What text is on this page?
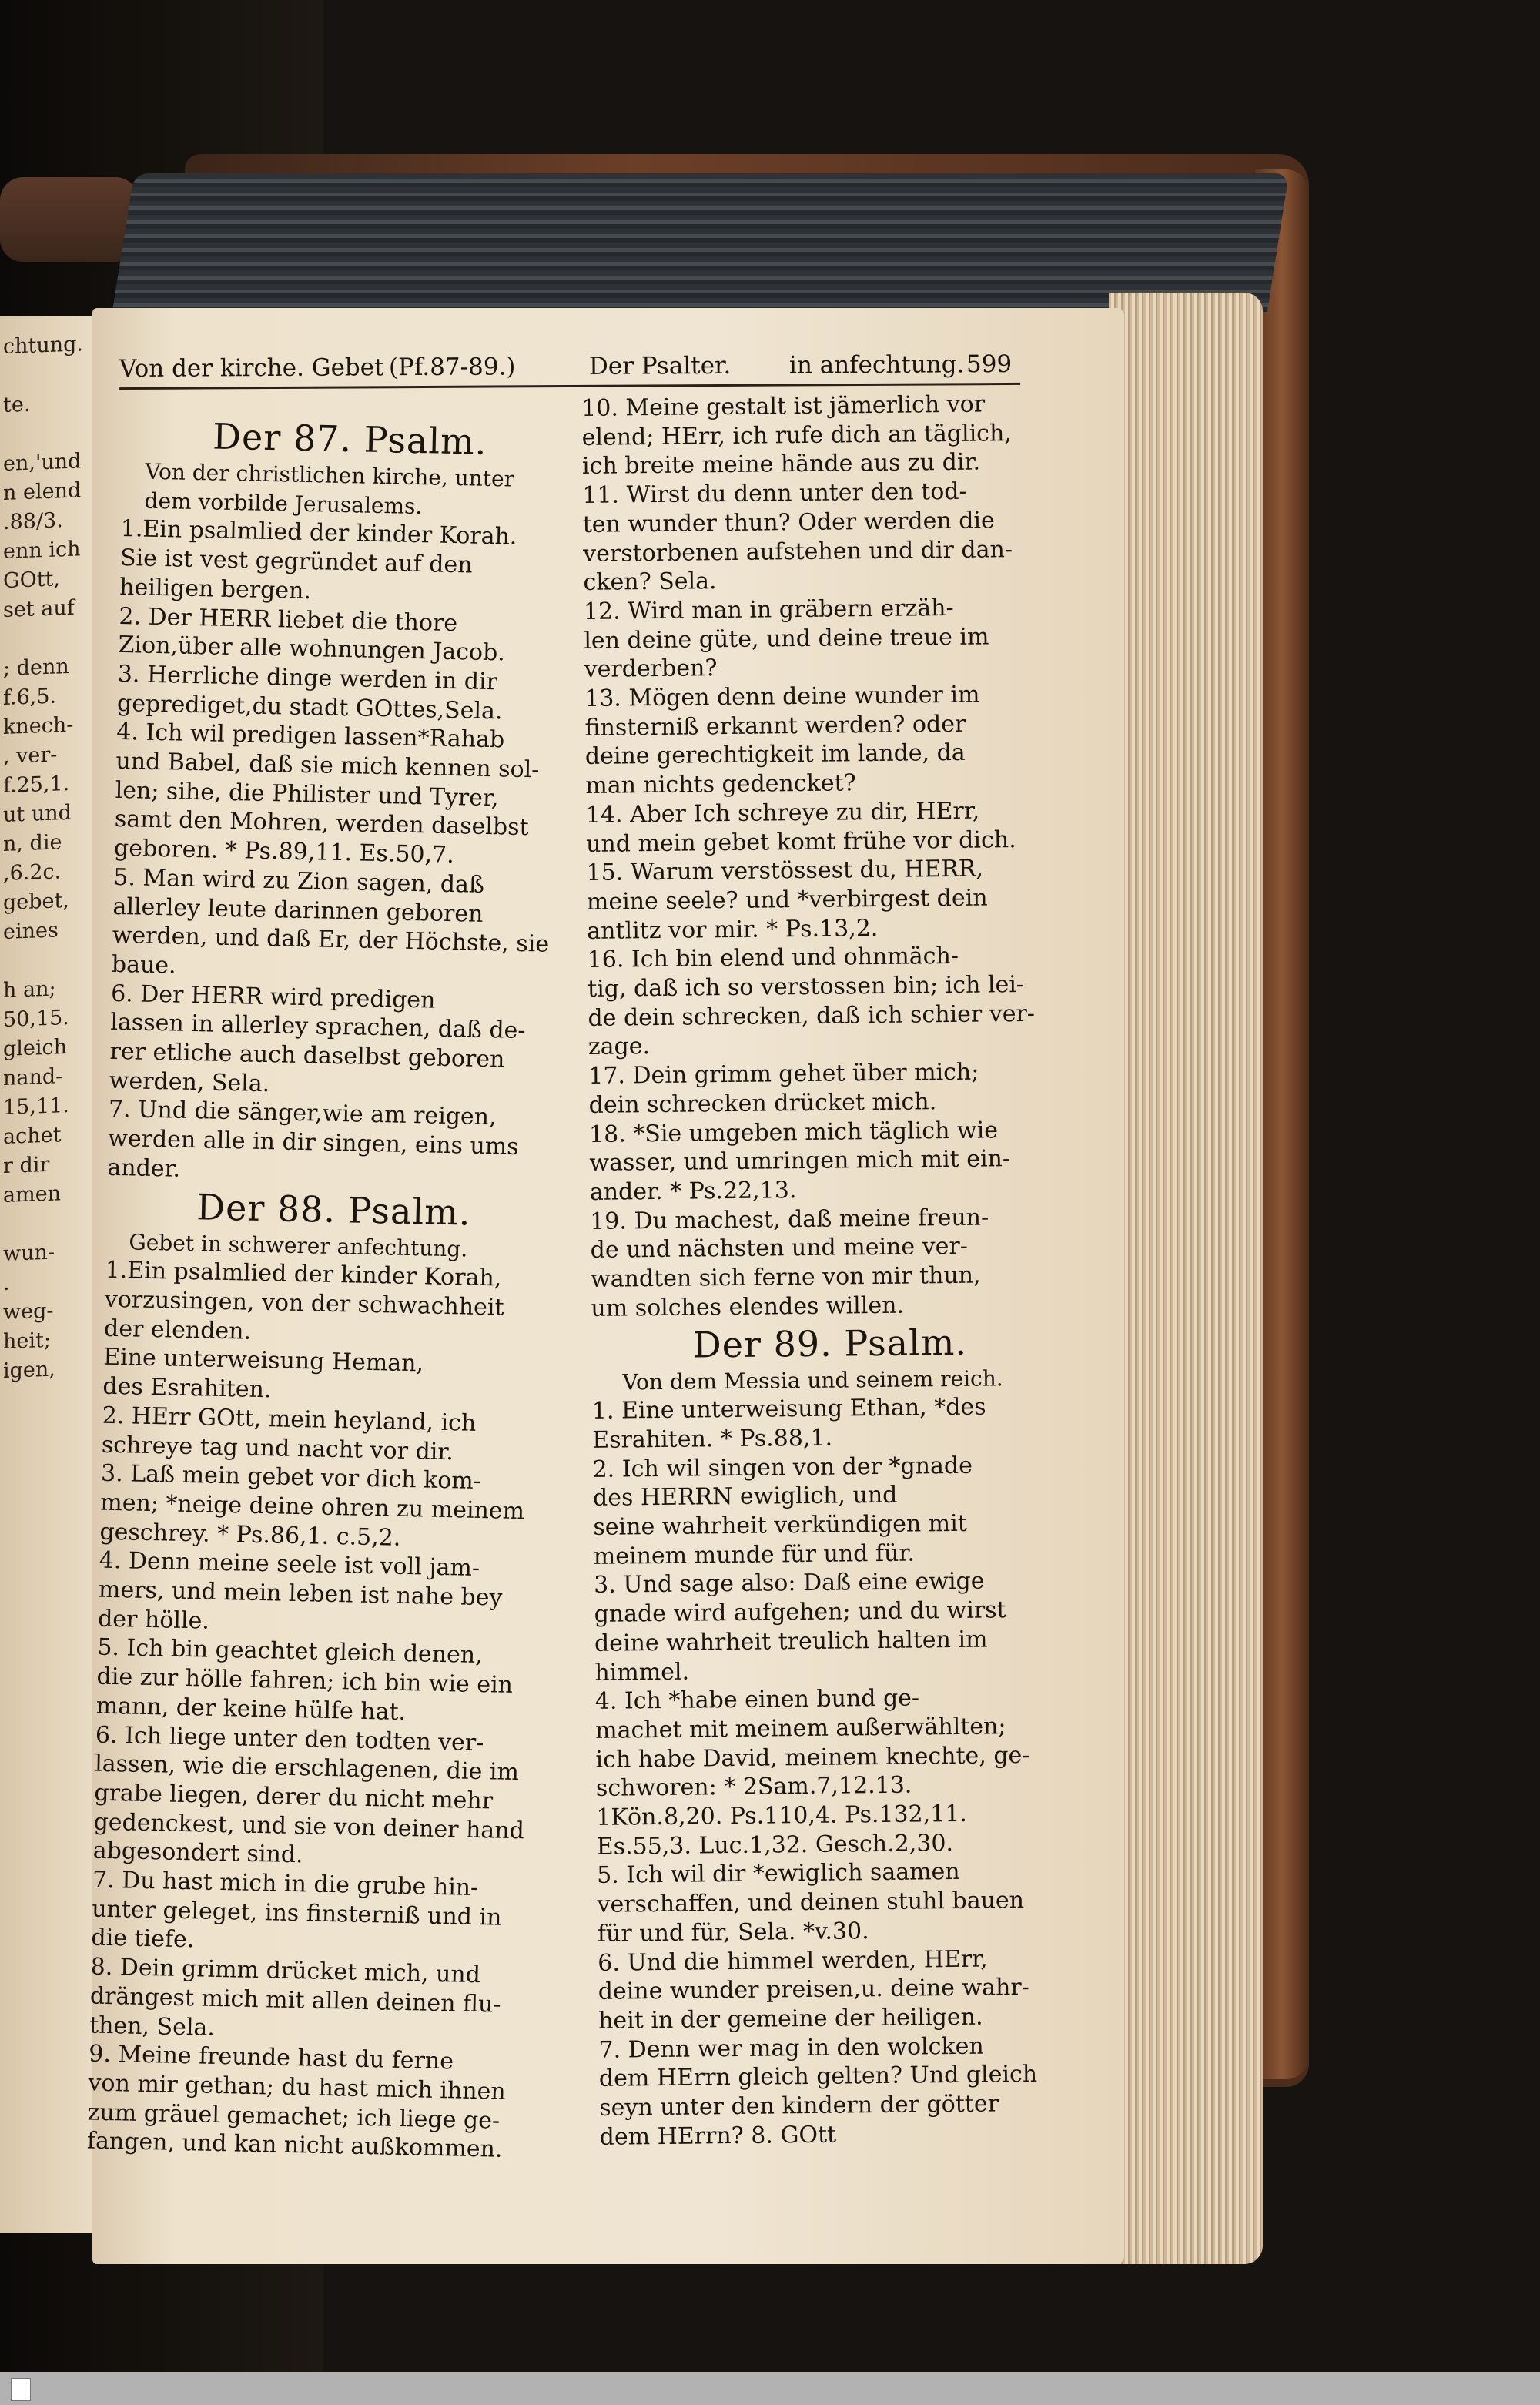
chtung.

te.

en,'und
n elend
.88/3.
enn ich
GOtt,
set auf

; denn
f.6,5.
knech-
, ver-
f.25,1.
ut und
n, die
,6.2c.
gebet,
eines

h an;
50,15.
gleich
nand-
15,11.
achet
r dir
amen

wun-
.
weg-
heit;
igen,
Von der kirche. Gebet (Pf.87-89.)	Der Psalter. in anfechtung. 599

Der 87. Psalm.

Von der christlichen kirche, unter

dem vorbilde Jerusalems.

1.Ein psalmlied der kinder Korah.

Sie ist vest gegründet auf den

heiligen bergen.

2. Der HERR liebet die thore

Zion,über alle wohnungen Jacob.

3. Herrliche dinge werden in dir

geprediget,du stadt GOttes,Sela.

4. Ich wil predigen lassen*Rahab

und Babel, daß sie mich kennen sol-

len; sihe, die Philister und Tyrer,

samt den Mohren, werden daselbst

geboren. * Ps.89,11. Es.50,7.

5. Man wird zu Zion sagen, daß

allerley leute darinnen geboren

werden, und daß Er, der Höchste, sie

baue.

6. Der HERR wird predigen

lassen in allerley sprachen, daß de-

rer etliche auch daselbst geboren

werden, Sela.

7. Und die sänger,wie am reigen,

werden alle in dir singen, eins ums

ander.

Der 88. Psalm.

Gebet in schwerer anfechtung.

1.Ein psalmlied der kinder Korah,

vorzusingen, von der schwachheit

der elenden.

Eine unterweisung Heman,

des Esrahiten.

2. HErr GOtt, mein heyland, ich

schreye tag und nacht vor dir.

3. Laß mein gebet vor dich kom-

men; *neige deine ohren zu meinem

geschrey. * Ps.86,1. c.5,2.

4. Denn meine seele ist voll jam-

mers, und mein leben ist nahe bey

der hölle.

5. Ich bin geachtet gleich denen,

die zur hölle fahren; ich bin wie ein

mann, der keine hülfe hat.

6. Ich liege unter den todten ver-

lassen, wie die erschlagenen, die im

grabe liegen, derer du nicht mehr

gedenckest, und sie von deiner hand

abgesondert sind.

7. Du hast mich in die grube hin-

unter geleget, ins finsterniß und in

die tiefe.

8. Dein grimm drücket mich, und

drängest mich mit allen deinen flu-

then, Sela.

9. Meine freunde hast du ferne

von mir gethan; du hast mich ihnen

zum gräuel gemachet; ich liege ge-

fangen, und kan nicht außkommen.

10. Meine gestalt ist jämerlich vor

elend; HErr, ich rufe dich an täglich,

ich breite meine hände aus zu dir.

11. Wirst du denn unter den tod-

ten wunder thun? Oder werden die

verstorbenen aufstehen und dir dan-

cken? Sela.

12. Wird man in gräbern erzäh-

len deine güte, und deine treue im

verderben?

13. Mögen denn deine wunder im

finsterniß erkannt werden? oder

deine gerechtigkeit im lande, da

man nichts gedencket?

14. Aber Ich schreye zu dir, HErr,

und mein gebet komt frühe vor dich.

15. Warum verstössest du, HERR,

meine seele? und *verbirgest dein

antlitz vor mir. * Ps.13,2.

16. Ich bin elend und ohnmäch-

tig, daß ich so verstossen bin; ich lei-

de dein schrecken, daß ich schier ver-

zage.

17. Dein grimm gehet über mich;

dein schrecken drücket mich.

18. *Sie umgeben mich täglich wie

wasser, und umringen mich mit ein-

ander. * Ps.22,13.

19. Du machest, daß meine freun-

de und nächsten und meine ver-

wandten sich ferne von mir thun,

um solches elendes willen.

Der 89. Psalm.

Von dem Messia und seinem reich.

1. Eine unterweisung Ethan, *des

Esrahiten. * Ps.88,1.

2. Ich wil singen von der *gnade

des HERRN ewiglich, und

seine wahrheit verkündigen mit

meinem munde für und für.

3. Und sage also: Daß eine ewige

gnade wird aufgehen; und du wirst

deine wahrheit treulich halten im

himmel.

4. Ich *habe einen bund ge-

machet mit meinem außerwählten;

ich habe David, meinem knechte, ge-

schworen: * 2Sam.7,12.13.

1Kön.8,20. Ps.110,4. Ps.132,11.

Es.55,3. Luc.1,32. Gesch.2,30.

5. Ich wil dir *ewiglich saamen

verschaffen, und deinen stuhl bauen

für und für, Sela. *v.30.

6. Und die himmel werden, HErr,

deine wunder preisen,u. deine wahr-

heit in der gemeine der heiligen.

7. Denn wer mag in den wolcken

dem HErrn gleich gelten? Und gleich

seyn unter den kindern der götter

dem HErrn? 8. GOtt
